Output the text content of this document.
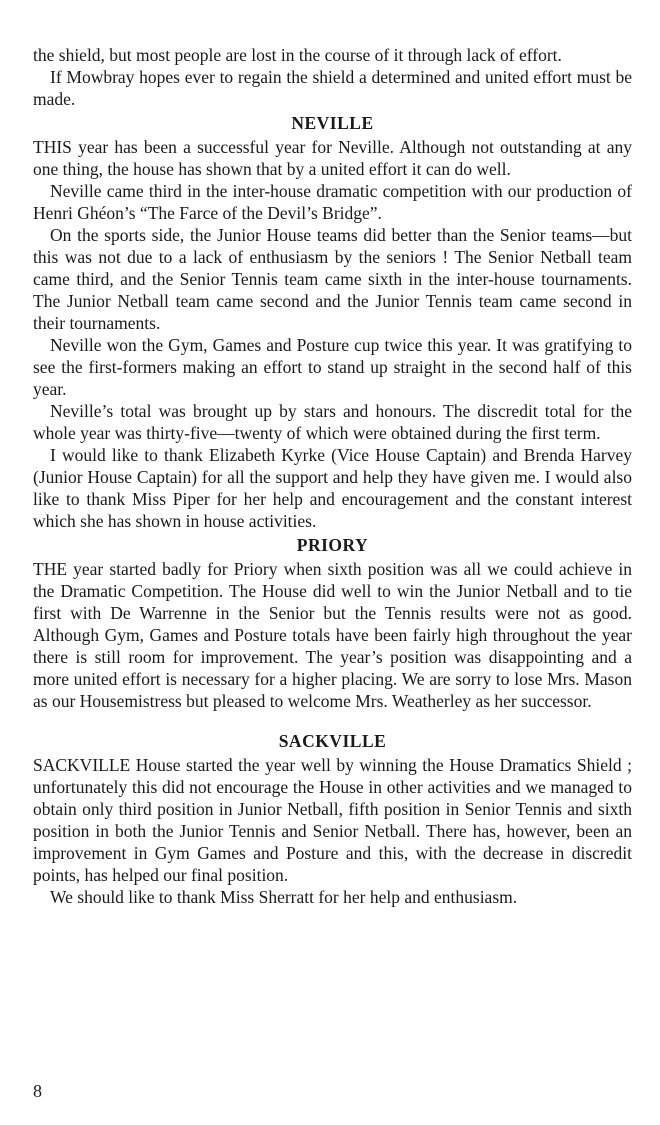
the shield, but most people are lost in the course of it through lack of effort.

If Mowbray hopes ever to regain the shield a determined and united effort must be made.

NEVILLE

THIS year has been a successful year for Neville. Although not outstanding at any one thing, the house has shown that by a united effort it can do well.

Neville came third in the inter-house dramatic competition with our production of Henri Ghéon’s “The Farce of the Devil’s Bridge”.

On the sports side, the Junior House teams did better than the Senior teams—but this was not due to a lack of enthusiasm by the seniors ! The Senior Netball team came third, and the Senior Tennis team came sixth in the inter-house tournaments. The Junior Netball team came second and the Junior Tennis team came second in their tournaments.

Neville won the Gym, Games and Posture cup twice this year. It was gratifying to see the first-formers making an effort to stand up straight in the second half of this year.

Neville’s total was brought up by stars and honours. The discredit total for the whole year was thirty-five—twenty of which were obtained during the first term.

I would like to thank Elizabeth Kyrke (Vice House Captain) and Brenda Harvey (Junior House Captain) for all the support and help they have given me. I would also like to thank Miss Piper for her help and encouragement and the constant interest which she has shown in house activities.

PRIORY

THE year started badly for Priory when sixth position was all we could achieve in the Dramatic Competition. The House did well to win the Junior Netball and to tie first with De Warrenne in the Senior but the Tennis results were not as good. Although Gym, Games and Posture totals have been fairly high throughout the year there is still room for improvement. The year’s position was disappointing and a more united effort is necessary for a higher placing. We are sorry to lose Mrs. Mason as our Housemistress but pleased to welcome Mrs. Weatherley as her successor.

SACKVILLE

SACKVILLE House started the year well by winning the House Dramatics Shield ; unfortunately this did not encourage the House in other activities and we managed to obtain only third position in Junior Netball, fifth position in Senior Tennis and sixth position in both the Junior Tennis and Senior Netball. There has, however, been an improvement in Gym Games and Posture and this, with the decrease in discredit points, has helped our final position.

We should like to thank Miss Sherratt for her help and enthusiasm.

8
